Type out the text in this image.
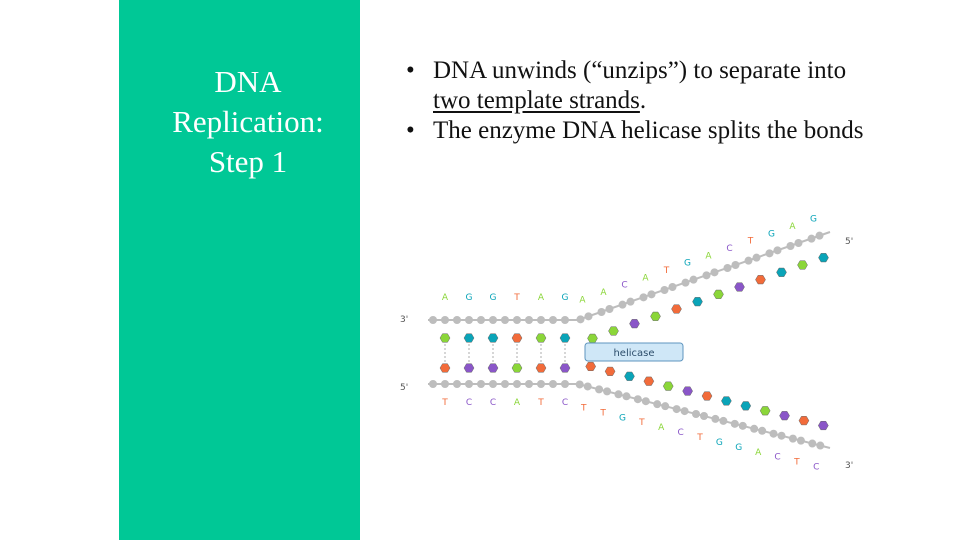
DNA
Replication:
Step 1
• DNA unwinds (“unzips”) to separate into two template strands.
• The enzyme DNA helicase splits the bonds
A G G T A G
T C C A T C
A
A
C
A
T
G
A
C
T
G
A
G
T T G T A C T G G A C T C
3'
5'
5'
3'
helicase
